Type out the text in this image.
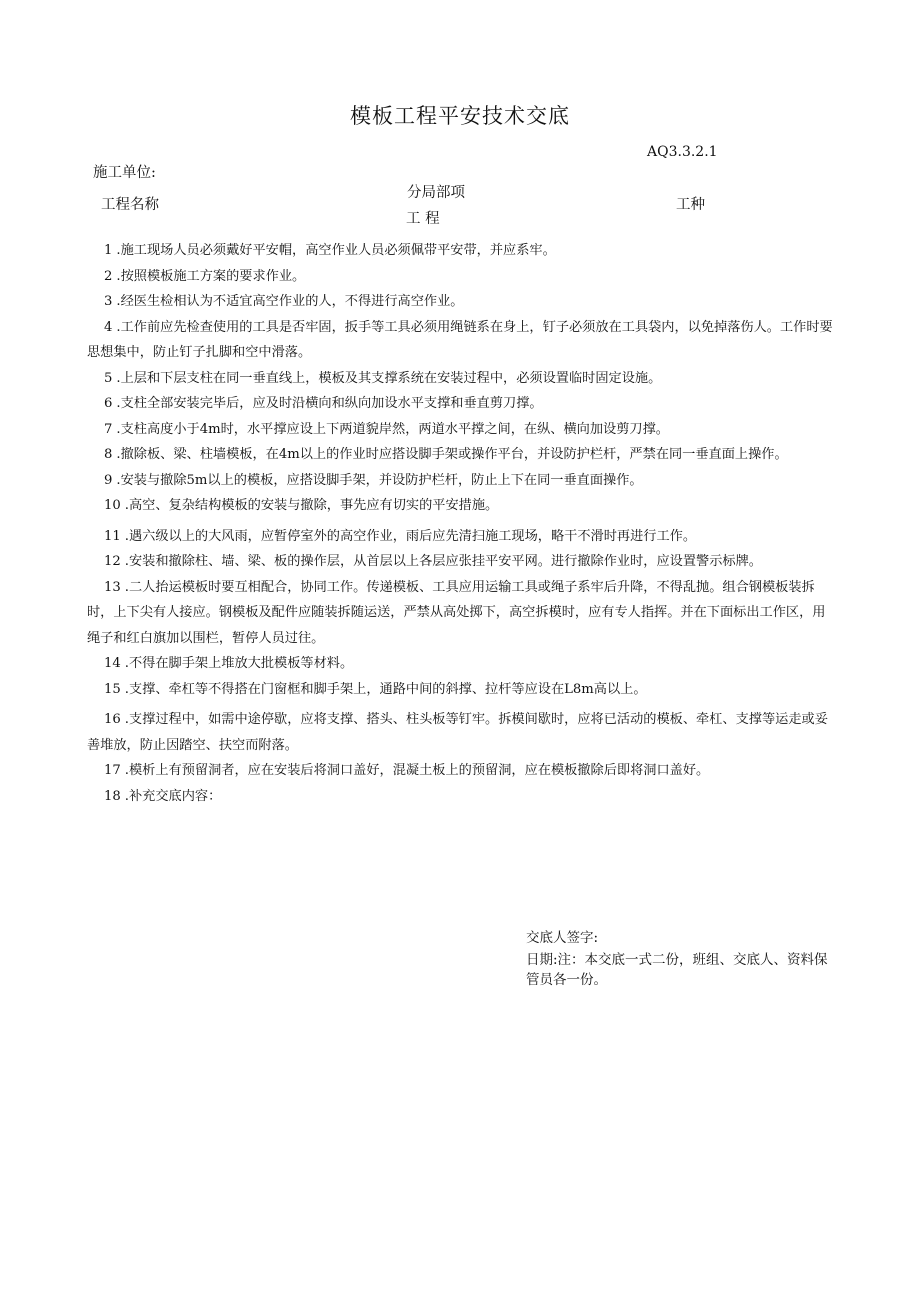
模板工程平安技术交底
AQ3.3.2.1
施工单位:
工程名称
分局部项
工 程
工种

1 .施工现场人员必须戴好平安帽，高空作业人员必须佩带平安带，并应系牢。

2 .按照模板施工方案的要求作业。

3 .经医生检相认为不适宜高空作业的人，不得进行高空作业。

4 .工作前应先检查使用的工具是否牢固，扳手等工具必须用绳链系在身上，钉子必须放在工具袋内，以免掉落伤人。工作时要思想集中，防止钉子扎脚和空中滑落。

5 .上层和下层支柱在同一垂直线上，模板及其支撑系统在安装过程中，必须设置临时固定设施。

6 .支柱全部安装完毕后，应及时沿横向和纵向加设水平支撑和垂直剪刀撑。

7 .支柱高度小于4m时，水平撑应设上下两道貌岸然，两道水平撑之间，在纵、横向加设剪刀撑。

8 .撤除板、梁、柱墙模板，在4m以上的作业时应搭设脚手架或操作平台，并设防护栏杆，严禁在同一垂直面上操作。

9 .安装与撤除5m以上的模板，应搭设脚手架，并设防护栏杆，防止上下在同一垂直面操作。

10 .高空、复杂结构模板的安装与撤除，事先应有切实的平安措施。

11 .遇六级以上的大风雨，应暂停室外的高空作业，雨后应先清扫施工现场，略干不滑时再进行工作。

12 .安装和撤除柱、墙、梁、板的操作层，从首层以上各层应张挂平安平网。进行撤除作业时，应设置警示标牌。

13 .二人抬运模板时要互相配合，协同工作。传递模板、工具应用运输工具或绳子系牢后升降，不得乱抛。组合钢模板装拆时，上下尖有人接应。钢模板及配件应随装拆随运送，严禁从高处掷下，高空拆模时，应有专人指挥。并在下面标出工作区，用绳子和红白旗加以围栏，暂停人员过往。

14 .不得在脚手架上堆放大批模板等材料。

15 .支撑、牵杠等不得搭在门窗框和脚手架上，通路中间的斜撑、拉杆等应设在L8m高以上。

16 .支撑过程中，如需中途停歇，应将支撑、搭头、柱头板等钉牢。拆模间歇时，应将已活动的模板、牵杠、支撑等运走或妥善堆放，防止因踏空、扶空而附落。

17 .模析上有预留洞者，应在安装后将洞口盖好，混凝土板上的预留洞，应在模板撤除后即将洞口盖好。

18 .补充交底内容：

交底人签字:
日期:注：本交底一式二份，班组、交底人、资料保管员各一份。
